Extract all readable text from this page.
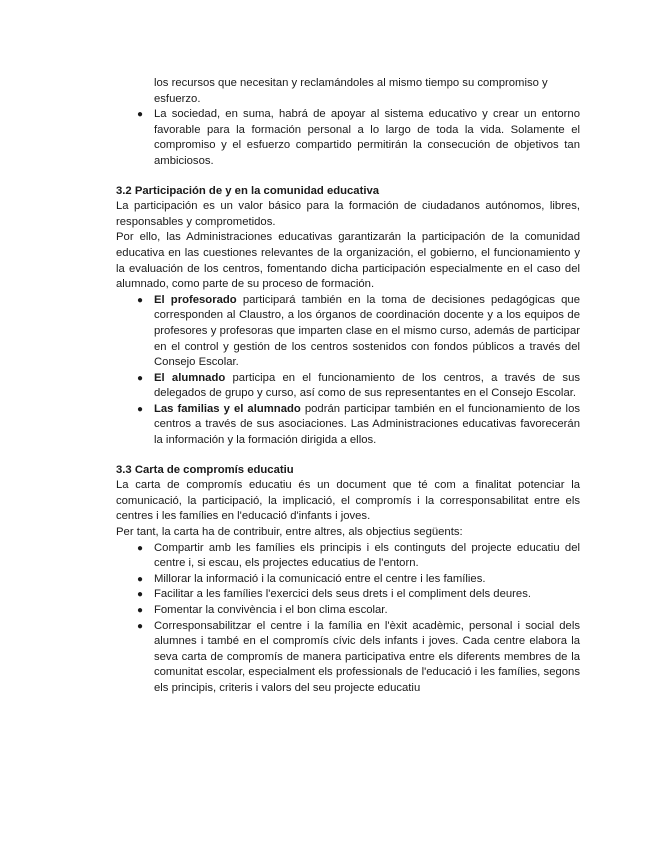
los recursos que necesitan y reclamándoles al mismo tiempo su compromiso y esfuerzo.
● La sociedad, en suma, habrá de apoyar al sistema educativo y crear un entorno favorable para la formación personal a lo largo de toda la vida. Solamente el compromiso y el esfuerzo compartido permitirán la consecución de objetivos tan ambiciosos.
3.2 Participación de y en la comunidad educativa

La participación es un valor básico para la formación de ciudadanos autónomos, libres, responsables y comprometidos.

Por ello, las Administraciones educativas garantizarán la participación de la comunidad educativa en las cuestiones relevantes de la organización, el gobierno, el funcionamiento y la evaluación de los centros, fomentando dicha participación especialmente en el caso del alumnado, como parte de su proceso de formación.

● El profesorado participará también en la toma de decisiones pedagógicas que corresponden al Claustro, a los órganos de coordinación docente y a los equipos de profesores y profesoras que imparten clase en el mismo curso, además de participar en el control y gestión de los centros sostenidos con fondos públicos a través del Consejo Escolar.
● El alumnado participa en el funcionamiento de los centros, a través de sus delegados de grupo y curso, así como de sus representantes en el Consejo Escolar.
● Las familias y el alumnado podrán participar también en el funcionamiento de los centros a través de sus asociaciones. Las Administraciones educativas favorecerán la información y la formación dirigida a ellos.
3.3 Carta de compromís educatiu

La carta de compromís educatiu és un document que té com a finalitat potenciar la comunicació, la participació, la implicació, el compromís i la corresponsabilitat entre els centres i les famílies en l'educació d'infants i joves.

Per tant, la carta ha de contribuir, entre altres, als objectius següents:

● Compartir amb les famílies els principis i els continguts del projecte educatiu del centre i, si escau, els projectes educatius de l'entorn.
● Millorar la informació i la comunicació entre el centre i les famílies.
● Facilitar a les famílies l'exercici dels seus drets i el compliment dels deures.
● Fomentar la convivència i el bon clima escolar.
● Corresponsabilitzar el centre i la família en l'èxit acadèmic, personal i social dels alumnes i també en el compromís cívic dels infants i joves. Cada centre elabora la seva carta de compromís de manera participativa entre els diferents membres de la comunitat escolar, especialment els professionals de l'educació i les famílies, segons els principis, criteris i valors del seu projecte educatiu
